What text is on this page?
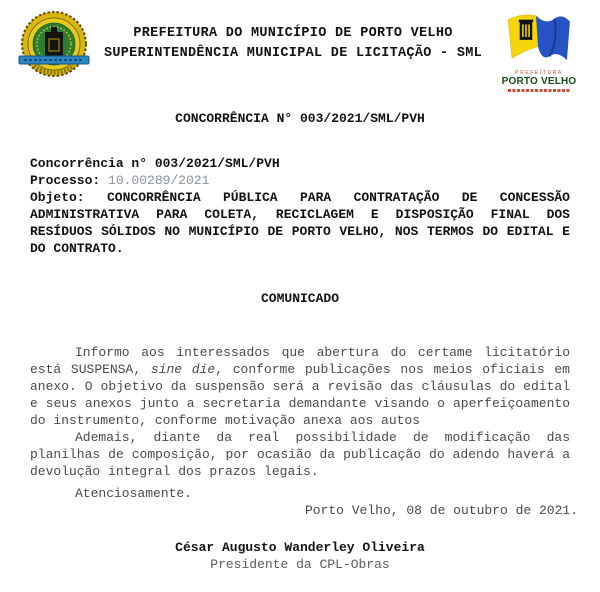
PREFEITURA DO MUNICÍPIO DE PORTO VELHO
SUPERINTENDÊNCIA MUNICIPAL DE LICITAÇÃO - SML
PREFEITURA
PORTO VELHO
CONCORRÊNCIA N° 003/2021/SML/PVH
Concorrência n° 003/2021/SML/PVH
Processo: 10.00289/2021

Objeto: CONCORRÊNCIA PÚBLICA PARA CONTRATAÇÃO DE CONCESSÃO ADMINISTRATIVA PARA COLETA, RECICLAGEM E DISPOSIÇÃO FINAL DOS RESÍDUOS SÓLIDOS NO MUNICÍPIO DE PORTO VELHO, NOS TERMOS DO EDITAL E DO CONTRATO.

COMUNICADO

Informo aos interessados que abertura do certame licitatório está SUSPENSA, sine die, conforme publicações nos meios oficiais em anexo. O objetivo da suspensão será a revisão das cláusulas do edital e seus anexos junto a secretaria demandante visando o aperfeiçoamento do instrumento, conforme motivação anexa aos autos

Ademais, diante da real possibilidade de modificação das planilhas de composição, por ocasião da publicação do adendo haverá a devolução integral dos prazos legais.

Atenciosamente.

Porto Velho, 08 de outubro de 2021.

César Augusto Wanderley Oliveira
Presidente da CPL-Obras
